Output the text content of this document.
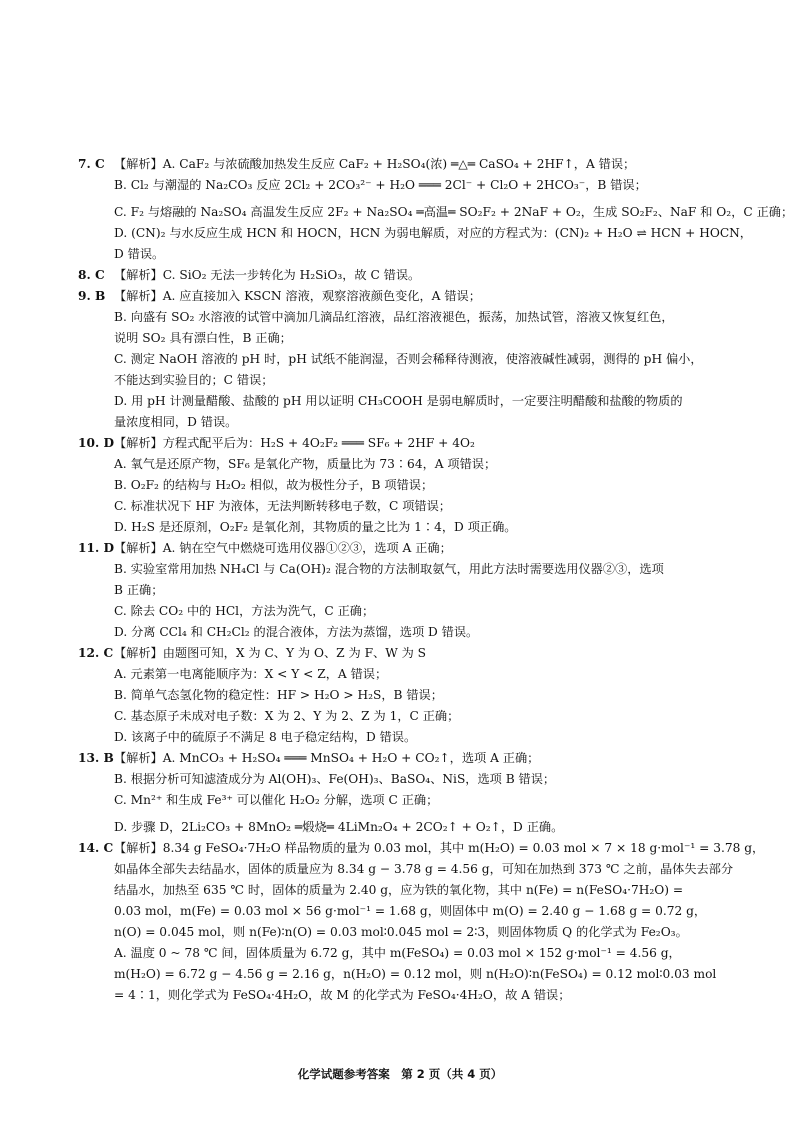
7. C 【解析】A. CaF₂ 与浓硫酸加热发生反应 CaF₂ + H₂SO₄(浓) ═△═ CaSO₄ + 2HF↑，A 错误；
B. Cl₂ 与潮湿的 Na₂CO₃ 反应 2Cl₂ + 2CO₃²⁻ + H₂O ═══ 2Cl⁻ + Cl₂O + 2HCO₃⁻，B 错误；
C. F₂ 与熔融的 Na₂SO₄ 高温发生反应 2F₂ + Na₂SO₄ ═高温═ SO₂F₂ + 2NaF + O₂，生成 SO₂F₂、NaF 和 O₂，C 正确；
D. (CN)₂ 与水反应生成 HCN 和 HOCN，HCN 为弱电解质，对应的方程式为：(CN)₂ + H₂O ⇌ HCN + HOCN，
D 错误。
8. C 【解析】C. SiO₂ 无法一步转化为 H₂SiO₃，故 C 错误。
9. B 【解析】A. 应直接加入 KSCN 溶液，观察溶液颜色变化，A 错误；
B. 向盛有 SO₂ 水溶液的试管中滴加几滴品红溶液，品红溶液褪色，振荡，加热试管，溶液又恢复红色，
说明 SO₂ 具有漂白性，B 正确；
C. 测定 NaOH 溶液的 pH 时，pH 试纸不能润湿，否则会稀释待测液，使溶液碱性减弱，测得的 pH 偏小，
不能达到实验目的；C 错误；
D. 用 pH 计测量醋酸、盐酸的 pH 用以证明 CH₃COOH 是弱电解质时，一定要注明醋酸和盐酸的物质的
量浓度相同，D 错误。
10. D【解析】方程式配平后为：H₂S + 4O₂F₂ ═══ SF₆ + 2HF + 4O₂
A. 氧气是还原产物，SF₆ 是氧化产物，质量比为 73∶64，A 项错误；
B. O₂F₂ 的结构与 H₂O₂ 相似，故为极性分子，B 项错误；
C. 标准状况下 HF 为液体，无法判断转移电子数，C 项错误；
D. H₂S 是还原剂，O₂F₂ 是氧化剂，其物质的量之比为 1∶4，D 项正确。
11. D【解析】A. 钠在空气中燃烧可选用仪器①②③，选项 A 正确；
B. 实验室常用加热 NH₄Cl 与 Ca(OH)₂ 混合物的方法制取氨气，用此方法时需要选用仪器②③，选项
B 正确；
C. 除去 CO₂ 中的 HCl，方法为洗气，C 正确；
D. 分离 CCl₄ 和 CH₂Cl₂ 的混合液体，方法为蒸馏，选项 D 错误。
12. C【解析】由题图可知，X 为 C、Y 为 O、Z 为 F、W 为 S
A. 元素第一电离能顺序为：X < Y < Z，A 错误；
B. 简单气态氢化物的稳定性：HF > H₂O > H₂S，B 错误；
C. 基态原子未成对电子数：X 为 2、Y 为 2、Z 为 1，C 正确；
D. 该离子中的硫原子不满足 8 电子稳定结构，D 错误。
13. B【解析】A. MnCO₃ + H₂SO₄ ═══ MnSO₄ + H₂O + CO₂↑，选项 A 正确；
B. 根据分析可知滤渣成分为 Al(OH)₃、Fe(OH)₃、BaSO₄、NiS，选项 B 错误；
C. Mn²⁺ 和生成 Fe³⁺ 可以催化 H₂O₂ 分解，选项 C 正确；
D. 步骤 D，2Li₂CO₃ + 8MnO₂ ═煅烧═ 4LiMn₂O₄ + 2CO₂↑ + O₂↑，D 正确。
14. C【解析】8.34 g FeSO₄·7H₂O 样品物质的量为 0.03 mol，其中 m(H₂O) = 0.03 mol × 7 × 18 g·mol⁻¹ = 3.78 g，
如晶体全部失去结晶水，固体的质量应为 8.34 g − 3.78 g = 4.56 g，可知在加热到 373 ℃ 之前，晶体失去部分
结晶水，加热至 635 ℃ 时，固体的质量为 2.40 g，应为铁的氧化物，其中 n(Fe) = n(FeSO₄·7H₂O) =
0.03 mol，m(Fe) = 0.03 mol × 56 g·mol⁻¹ = 1.68 g，则固体中 m(O) = 2.40 g − 1.68 g = 0.72 g，
n(O) = 0.045 mol，则 n(Fe)∶n(O) = 0.03 mol∶0.045 mol = 2∶3，则固体物质 Q 的化学式为 Fe₂O₃。
A. 温度 0 ~ 78 ℃ 间，固体质量为 6.72 g，其中 m(FeSO₄) = 0.03 mol × 152 g·mol⁻¹ = 4.56 g，
m(H₂O) = 6.72 g − 4.56 g = 2.16 g，n(H₂O) = 0.12 mol，则 n(H₂O)∶n(FeSO₄) = 0.12 mol∶0.03 mol
= 4∶1，则化学式为 FeSO₄·4H₂O，故 M 的化学式为 FeSO₄·4H₂O，故 A 错误；
化学试题参考答案　第 2 页（共 4 页）
